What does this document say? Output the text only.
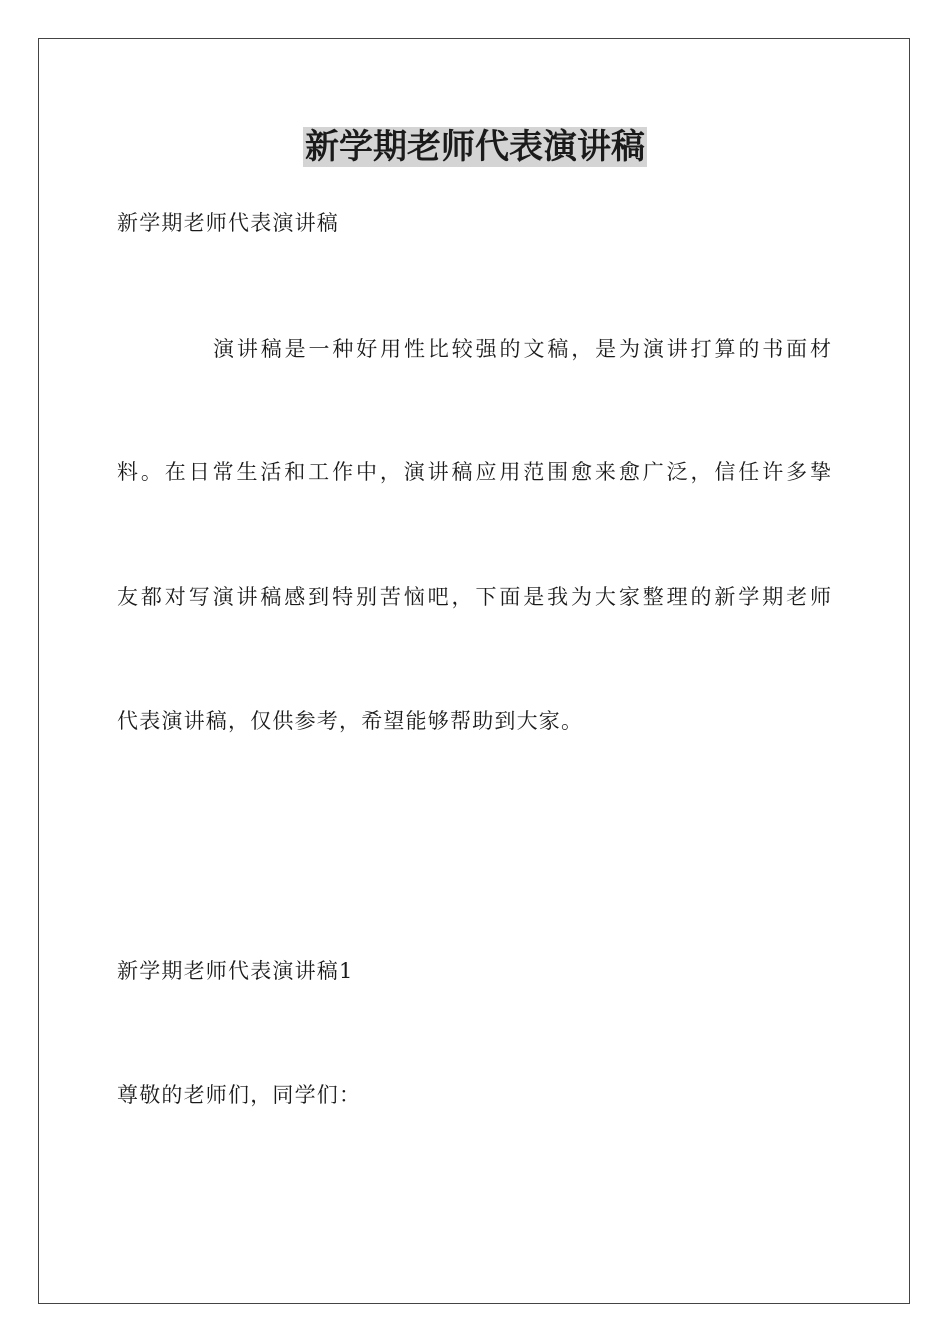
新学期老师代表演讲稿
新学期老师代表演讲稿
演讲稿是一种好用性比较强的文稿，是为演讲打算的书面材
料。在日常生活和工作中，演讲稿应用范围愈来愈广泛，信任许多挚
友都对写演讲稿感到特别苦恼吧，下面是我为大家整理的新学期老师
代表演讲稿，仅供参考，希望能够帮助到大家。
新学期老师代表演讲稿1
尊敬的老师们，同学们：
